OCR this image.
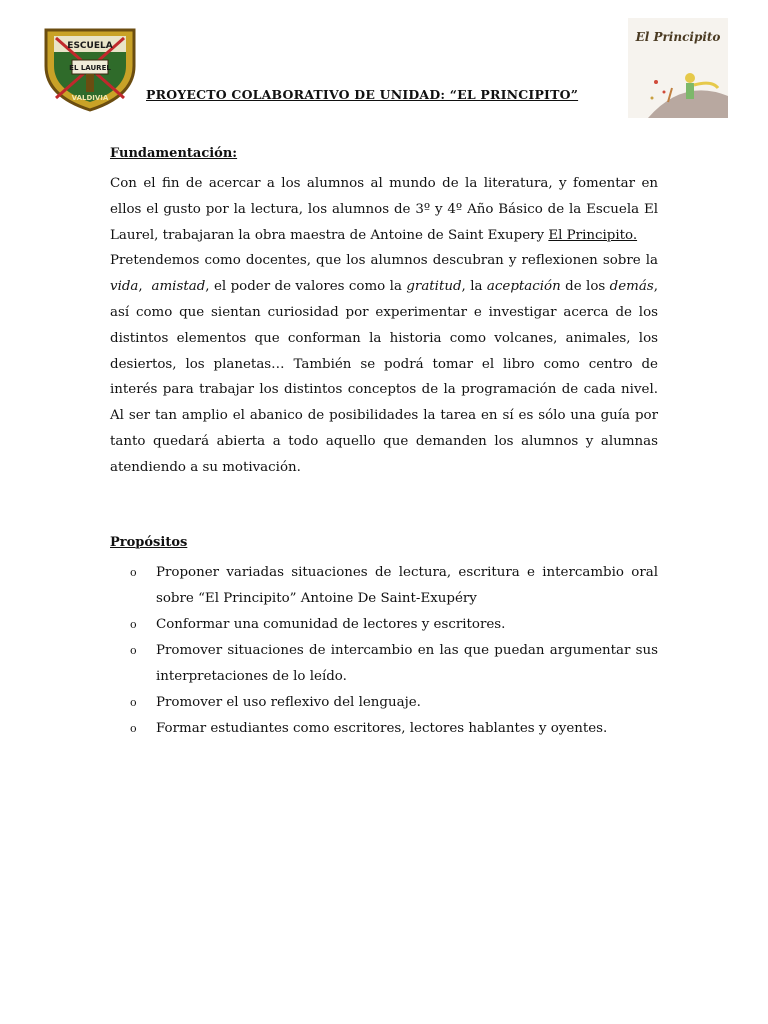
ESCUELA
EL LAUREL
VALDIVIA
El Principito
PROYECTO COLABORATIVO DE UNIDAD: “EL PRINCIPITO”
Fundamentación:

Con el fin de acercar a los alumnos al mundo de la literatura, y fomentar en ellos el gusto por la lectura, los alumnos de 3º y 4º Año Básico de la Escuela El Laurel, trabajaran la obra maestra de Antoine de Saint Exupery El Principito.

Pretendemos como docentes, que los alumnos descubran y reflexionen sobre la vida,  amistad, el poder de valores como la gratitud, la aceptación de los demás, así como que sientan curiosidad por experimentar e investigar acerca de los distintos elementos que conforman la historia como volcanes, animales, los desiertos, los planetas… También se podrá tomar el libro como centro de interés para trabajar los distintos conceptos de la programación de cada nivel. Al ser tan amplio el abanico de posibilidades la tarea en sí es sólo una guía por tanto quedará abierta a todo aquello que demanden los alumnos y alumnas atendiendo a su motivación.

Propósitos
o Proponer variadas situaciones de lectura, escritura e intercambio oral sobre “El Principito” Antoine De Saint-Exupéry
o Conformar una comunidad de lectores y escritores.
o Promover situaciones de intercambio en las que puedan argumentar sus interpretaciones de lo leído.
o Promover el uso reflexivo del lenguaje.
o Formar estudiantes como escritores, lectores hablantes y oyentes.
